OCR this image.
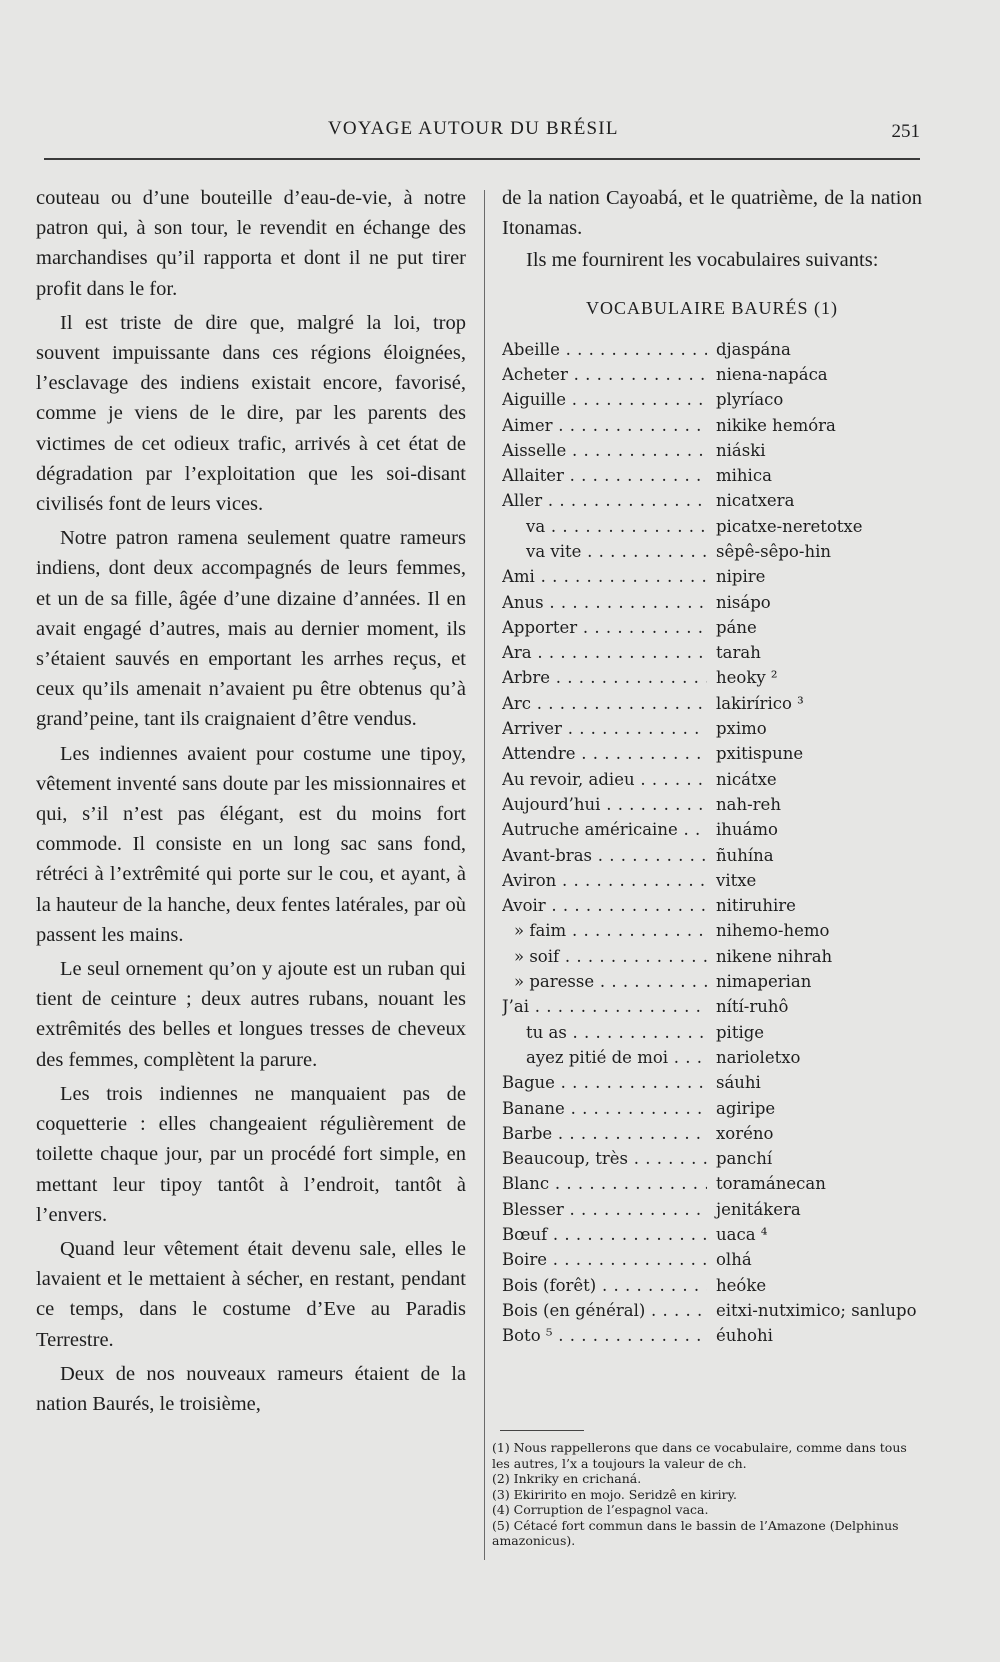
VOYAGE AUTOUR DU BRÉSIL	251

couteau ou d’une bouteille d’eau-de-vie, à notre patron qui, à son tour, le revendit en échange des marchandises qu’il rapporta et dont il ne put tirer profit dans le for.

Il est triste de dire que, malgré la loi, trop souvent impuissante dans ces régions éloignées, l’esclavage des indiens existait encore, favorisé, comme je viens de le dire, par les parents des victimes de cet odieux trafic, arrivés à cet état de dégradation par l’exploitation que les soi-disant civilisés font de leurs vices.

Notre patron ramena seulement quatre rameurs indiens, dont deux accompagnés de leurs femmes, et un de sa fille, âgée d’une dizaine d’années. Il en avait engagé d’autres, mais au dernier moment, ils s’étaient sauvés en emportant les arrhes reçus, et ceux qu’ils amenait n’avaient pu être obtenus qu’à grand’peine, tant ils craignaient d’être vendus.

Les indiennes avaient pour costume une tipoy, vêtement inventé sans doute par les missionnaires et qui, s’il n’est pas élégant, est du moins fort commode. Il consiste en un long sac sans fond, rétréci à l’extrêmité qui porte sur le cou, et ayant, à la hauteur de la hanche, deux fentes latérales, par où passent les mains.

Le seul ornement qu’on y ajoute est un ruban qui tient de ceinture ; deux autres rubans, nouant les extrêmités des belles et longues tresses de cheveux des femmes, complètent la parure.

Les trois indiennes ne manquaient pas de coquetterie : elles changeaient régulièrement de toilette chaque jour, par un procédé fort simple, en mettant leur tipoy tantôt à l’endroit, tantôt à l’envers.

Quand leur vêtement était devenu sale, elles le lavaient et le mettaient à sécher, en restant, pendant ce temps, dans le costume d’Eve au Paradis Terrestre.

Deux de nos nouveaux rameurs étaient de la nation Baurés, le troisième,

de la nation Cayoabá, et le quatrième, de la nation Itonamas.

Ils me fournirent les vocabulaires suivants:

VOCABULAIRE BAURÉS (1)
Abeille . . .	djaspána
Acheter . . .	niena-napáca
Aiguille . . .	plyríaco
Aimer . . .	nikike hemóra
Aisselle . . .	niáski
Allaiter . . .	mihica
Aller . . .	nicatxera
va . . .	picatxe-neretotxe
va vite . . .	sêpê-sêpo-hin
Ami . . .	nipire
Anus . . .	nisápo
Apporter . . .	páne
Ara . . .	tarah
Arbre . . .	heoky ²
Arc . . .	lakirírico ³
Arriver . . .	pximo
Attendre . . .	pxitispune
Au revoir, adieu . . .	nicátxe
Aujourd’hui . . .	nah-reh
Autruche américaine . . .	ihuámo
Avant-bras . . .	ñuhína
Aviron . . .	vitxe
Avoir . . .	nitiruhire
» faim . . .	nihemo-hemo
» soif . . .	nikene nihrah
» paresse . . .	nimaperian
J’ai . . .	nítí-ruhô
tu as . . .	pitige
ayez pitié de moi . . .	narioletxo
Bague . . .	sáuhi
Banane . . .	agiripe
Barbe . . .	xoréno
Beaucoup, très . . .	panchí
Blanc . . .	toramánecan
Blesser . . .	jenitákera
Bœuf . . .	uaca ⁴
Boire . . .	olhá
Bois (forêt) . . .	heóke
Bois (en général) . . .	eitxi-nutximico; sanlupo
Boto ⁵ . . .	éuhohi

(1) Nous rappellerons que dans ce vocabulaire, comme dans tous les autres, l’x a toujours la valeur de ch.

(2) Inkriky en crichaná.

(3) Ekiririto en mojo. Seridzê en kiriry.

(4) Corruption de l’espagnol vaca.

(5) Cétacé fort commun dans le bassin de l’Amazone (Delphinus amazonicus).
